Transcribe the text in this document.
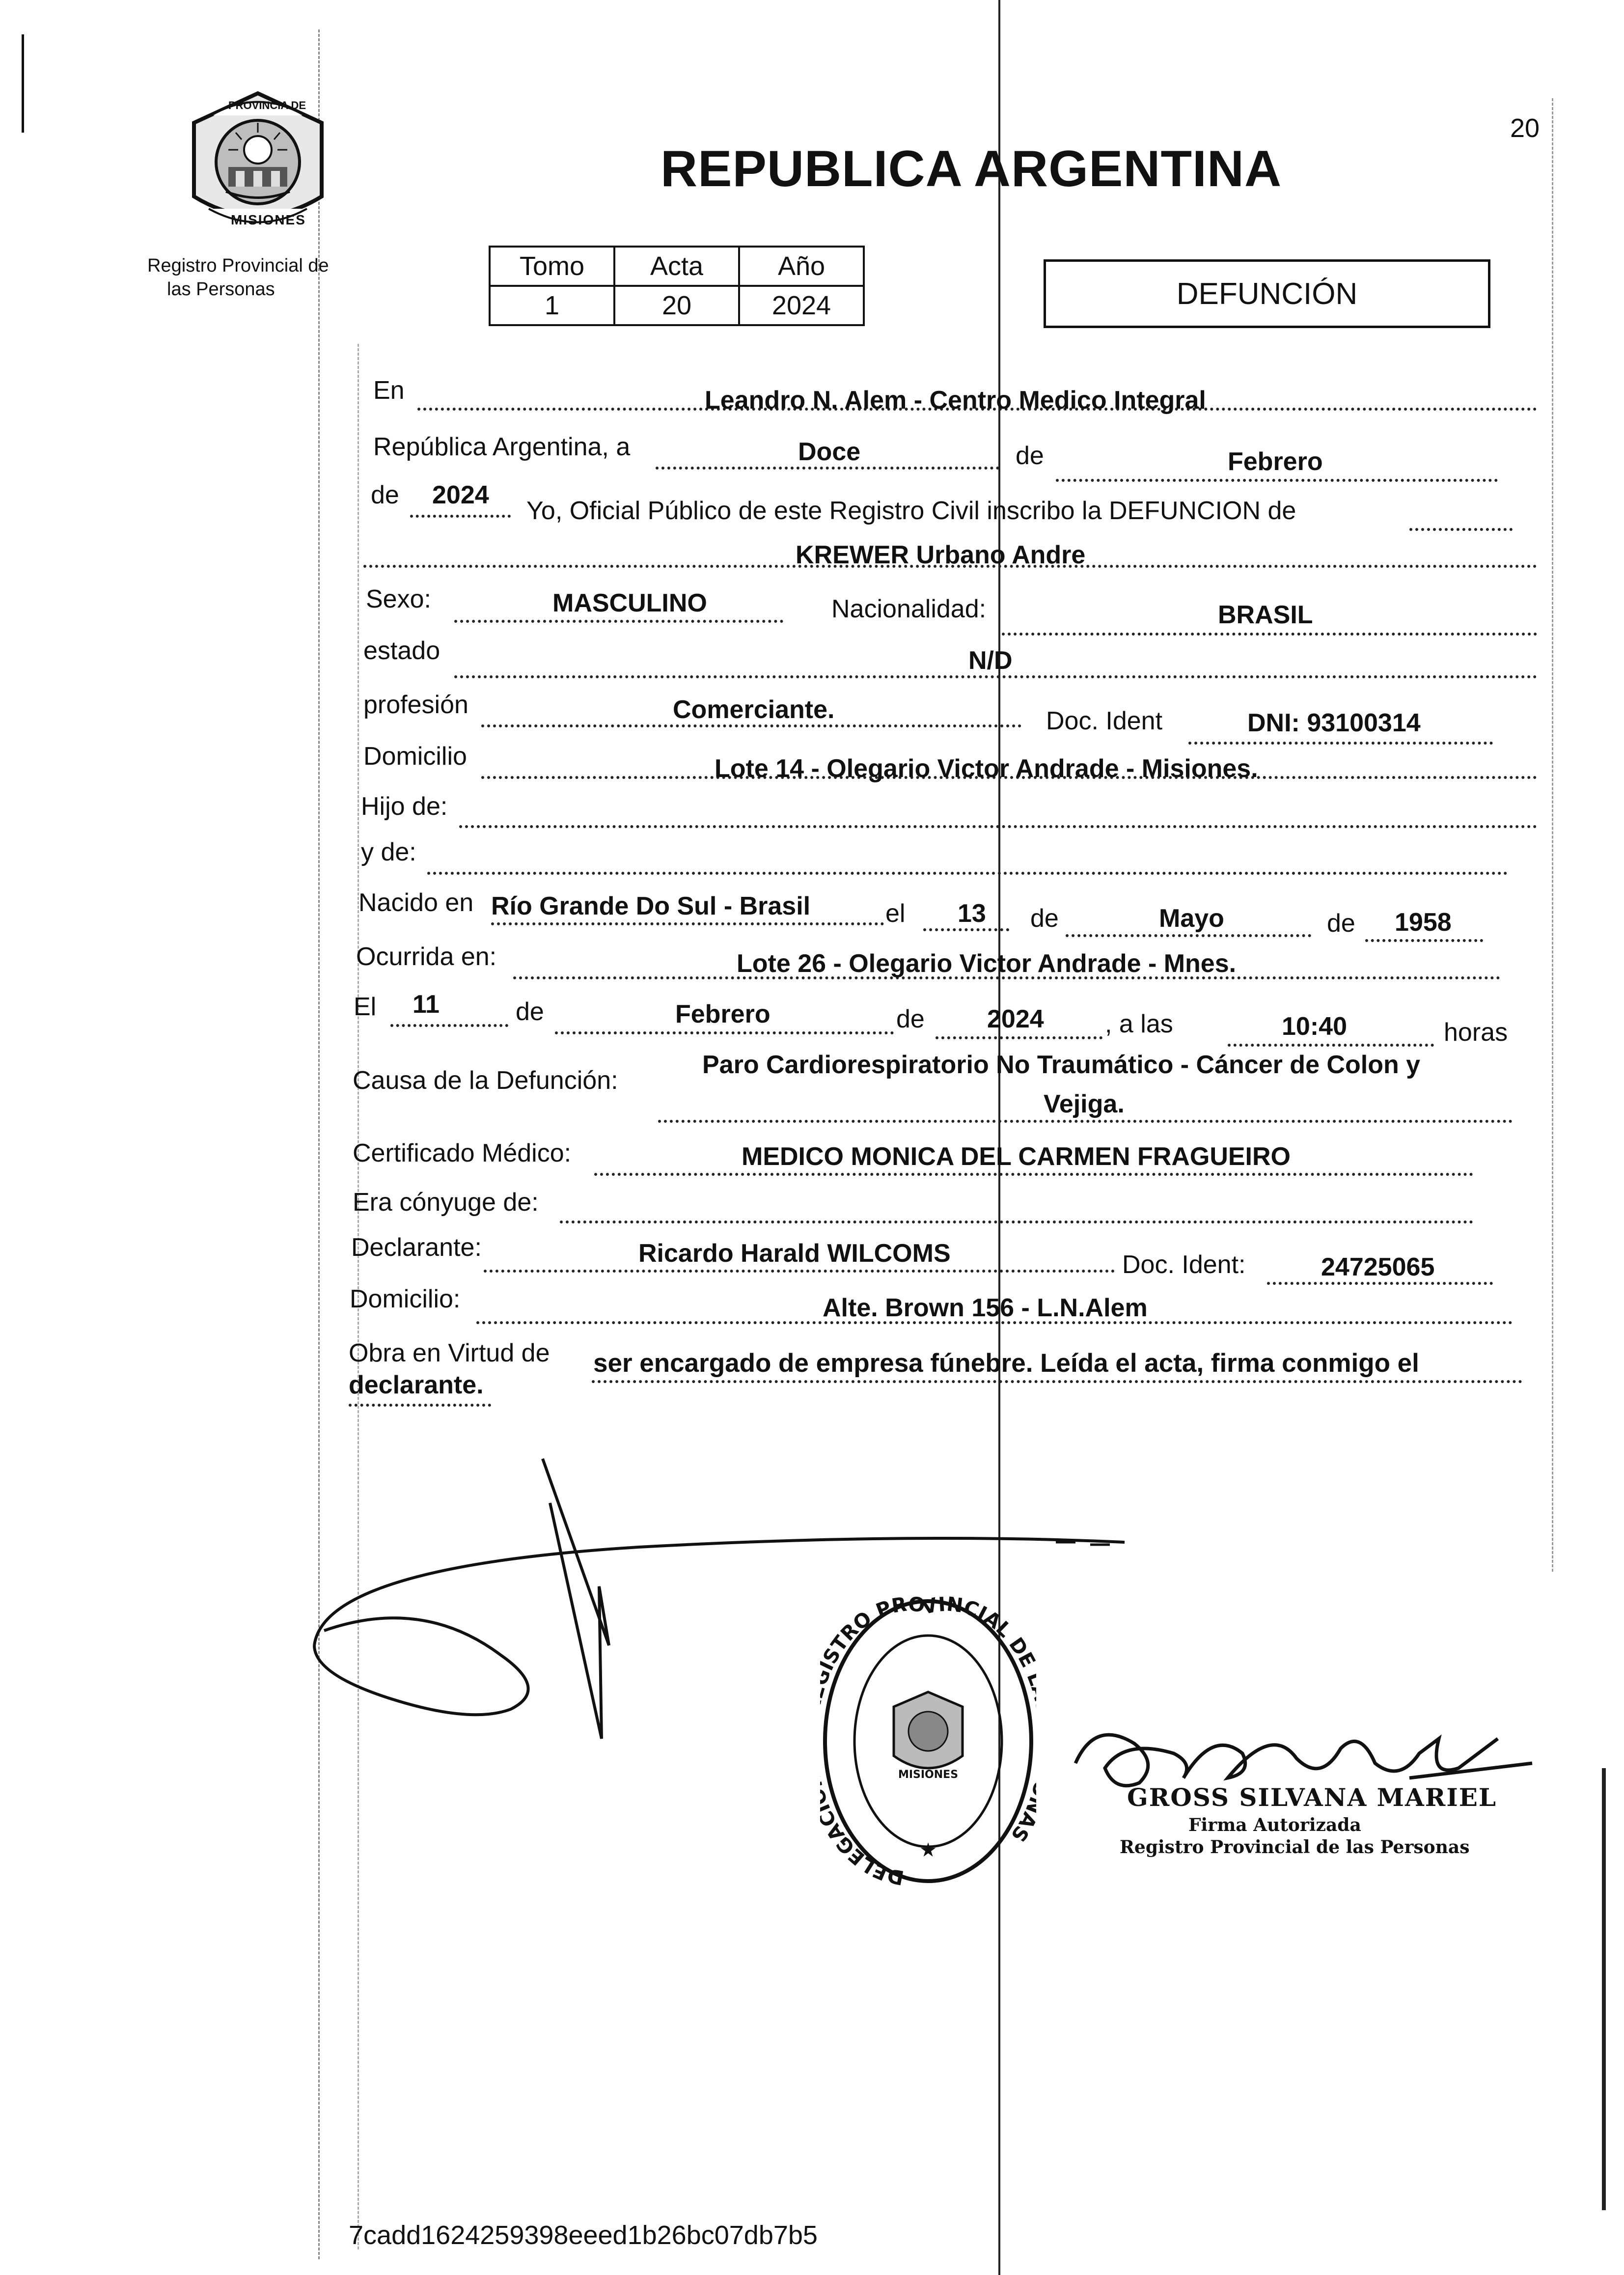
20
PROVINCIA DE
MISIONES
Registro Provincial de
las Personas
REPUBLICA ARGENTINA
Tomo	Acta	Año
1	20	2024	DEFUNCIÓN
En	Leandro N. Alem - Centro Medico Integral
República Argentina, a	Doce	de	Febrero
de 2024
Yo, Oficial Público de este Registro Civil inscribo la DEFUNCION de
KREWER Urbano Andre
Sexo:	MASCULINO	Nacionalidad:	BRASIL
estado	N/D
profesión	Comerciante.	Doc. Ident	DNI: 93100314
Domicilio	Lote 14 - Olegario Victor Andrade - Misiones.
Hijo de:
y de:
Nacido en Río Grande Do Sul - Brasil	el 13 de	Mayo	de 1958
Ocurrida en:	Lote 26 - Olegario Victor Andrade - Mnes.
El 11	de	Febrero	de 2024 , a las	10:40	horas
Causa de la Defunción:
Paro Cardiorespiratorio No Traumático - Cáncer de Colon y
Vejiga.
Certificado Médico:	MEDICO MONICA DEL CARMEN FRAGUEIRO
Era cónyuge de:
Declarante:	Ricardo Harald WILCOMS	Doc. Ident:	24725065
Domicilio:	Alte. Brown 156 - L.N.Alem
Obra en Virtud de ser encargado de empresa fúnebre. Leída el acta, firma conmigo el
declarante.
DELEGA STRO PROVINCIAL D S
MISIONES
★
GROSS SILVANA MARIEL
Firma Autorizada
Registro Provincial de las Personas
7cadd1624259398eeed1b26bc07db7b5
